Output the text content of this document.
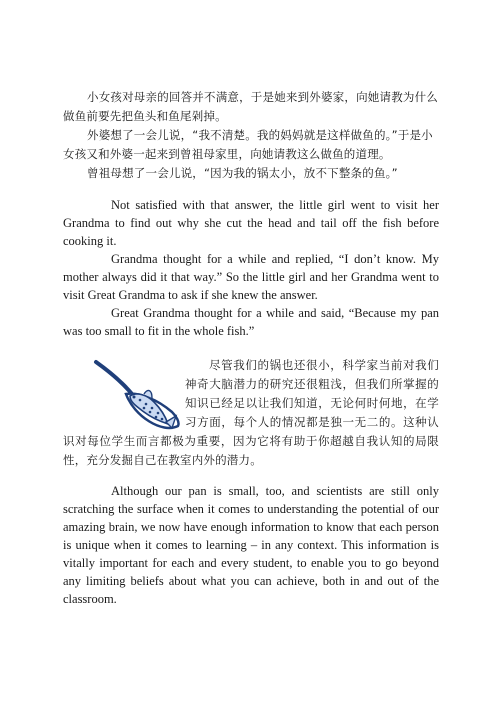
小女孩对母亲的回答并不满意，于是她来到外婆家，向她请教为什么做鱼前要先把鱼头和鱼尾剁掉。

外婆想了一会儿说，“我不清楚。我的妈妈就是这样做鱼的。”于是小女孩又和外婆一起来到曾祖母家里，向她请教这么做鱼的道理。

曾祖母想了一会儿说，“因为我的锅太小，放不下整条的鱼。”

Not satisfied with that answer, the little girl went to visit her Grandma to find out why she cut the head and tail off the fish before cooking it.

Grandma thought for a while and replied, “I don’t know. My mother always did it that way.” So the little girl and her Grandma went to visit Great Grandma to ask if she knew the answer.

Great Grandma thought for a while and said, “Because my pan was too small to fit in the whole fish.”

尽管我们的锅也还很小，科学家当前对我们神奇大脑潜力的研究还很粗浅，但我们所掌握的知识已经足以让我们知道，无论何时何地，在学习方面，每个人的情况都是独一无二的。这种认识对每位学生而言都极为重要，因为它将有助于你超越自我认知的局限性，充分发掘自己在教室内外的潜力。

Although our pan is small, too, and scientists are still only scratching the surface when it comes to understanding the potential of our amazing brain, we now have enough information to know that each person is unique when it comes to learning – in any context. This information is vitally important for each and every student, to enable you to go beyond any limiting beliefs about what you can achieve, both in and out of the classroom.
